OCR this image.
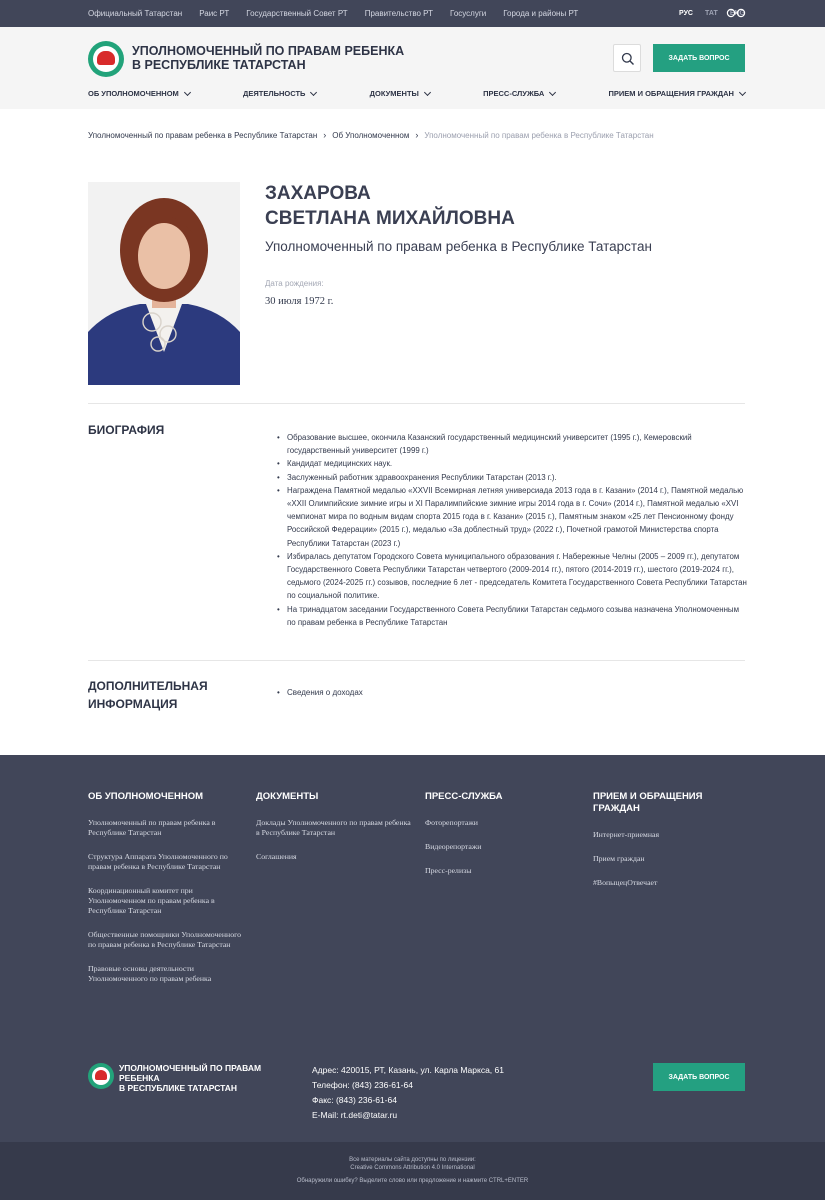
Официальный Татарстан Раис РТ Государственный Совет РТ Правительство РТ Госуслуги Города и районы РТ	РУС ТАТ ENG
УПОЛНОМОЧЕННЫЙ ПО ПРАВАМ РЕБЕНКА
В РЕСПУБЛИКЕ ТАТАРСТАН	ЗАДАТЬ ВОПРОС
ОБ УПОЛНОМОЧЕННОМ	ДЕЯТЕЛЬНОСТЬ	ДОКУМЕНТЫ	ПРЕСС-СЛУЖБА	ПРИЕМ И ОБРАЩЕНИЯ ГРАЖДАН
Уполномоченный по правам ребенка в Республике Татарстан › Об Уполномоченном › Уполномоченный по правам ребенка в Республике Татарстан
ЗАХАРОВА
СВЕТЛАНА МИХАЙЛОВНА
Уполномоченный по правам ребенка в Республике Татарстан
Дата рождения:
30 июля 1972 г.
БИОГРАФИЯ
• Образование высшее, окончила Казанский государственный медицинский университет (1995 г.), Кемеровский государственный университет (1999 г.)
• Кандидат медицинских наук.
• Заслуженный работник здравоохранения Республики Татарстан (2013 г.).
• Награждена Памятной медалью «XXVII Всемирная летняя универсиада 2013 года в г. Казани» (2014 г.), Памятной медалью «XXII Олимпийские зимние игры и XI Паралимпийские зимние игры 2014 года в г. Сочи» (2014 г.), Памятной медалью «XVI чемпионат мира по водным видам спорта 2015 года в г. Казани» (2015 г.), Памятным знаком «25 лет Пенсионному фонду Российской Федерации» (2015 г.), медалью «За доблестный труд» (2022 г.), Почетной грамотой Министерства спорта Республики Татарстан (2023 г.)
• Избиралась депутатом Городского Совета муниципального образования г. Набережные Челны (2005 – 2009 гг.), депутатом Государственного Совета Республики Татарстан четвертого (2009-2014 гг.), пятого (2014-2019 гг.), шестого (2019-2024 гг.), седьмого (2024-2025 гг.) созывов, последние 6 лет - председатель Комитета Государственного Совета Республики Татарстан по социальной политике.
• На тринадцатом заседании Государственного Совета Республики Татарстан седьмого созыва назначена Уполномоченным по правам ребенка в Республике Татарстан
ДОПОЛНИТЕЛЬНАЯ
ИНФОРМАЦИЯ
• Сведения о доходах
ОБ УПОЛНОМОЧЕННОМ
Уполномоченный по правам ребенка в Республике Татарстан
Структура Аппарата Уполномоченного по правам ребенка в Республике Татарстан
Координационный комитет при Уполномоченном по правам ребенка в Республике Татарстан
Общественные помощники Уполномоченного по правам ребенка в Республике Татарстан
Правовые основы деятельности Уполномоченного по правам ребенка
ДОКУМЕНТЫ
Доклады Уполномоченного по правам ребенка в Республике Татарстан
Соглашения
ПРЕСС-СЛУЖБА
Фоторепортажи
Видеорепортажи
Пресс-релизы
ПРИЕМ И ОБРАЩЕНИЯ ГРАЖДАН
Интернет-приемная
Прием граждан
#ВопыцецОтвечает
УПОЛНОМОЧЕННЫЙ ПО ПРАВАМ
РЕБЕНКА
В РЕСПУБЛИКЕ ТАТАРСТАН
Адрес: 420015, РТ, Казань, ул. Карла Маркса, 61
Телефон: (843) 236-61-64
Факс: (843) 236-61-64
E-Mail: rt.deti@tatar.ru
ЗАДАТЬ ВОПРОС
Все материалы сайта доступны по лицензии:
Creative Commons Attribution 4.0 International
Обнаружили ошибку? Выделите слово или предложение и нажмите CTRL+ENTER
